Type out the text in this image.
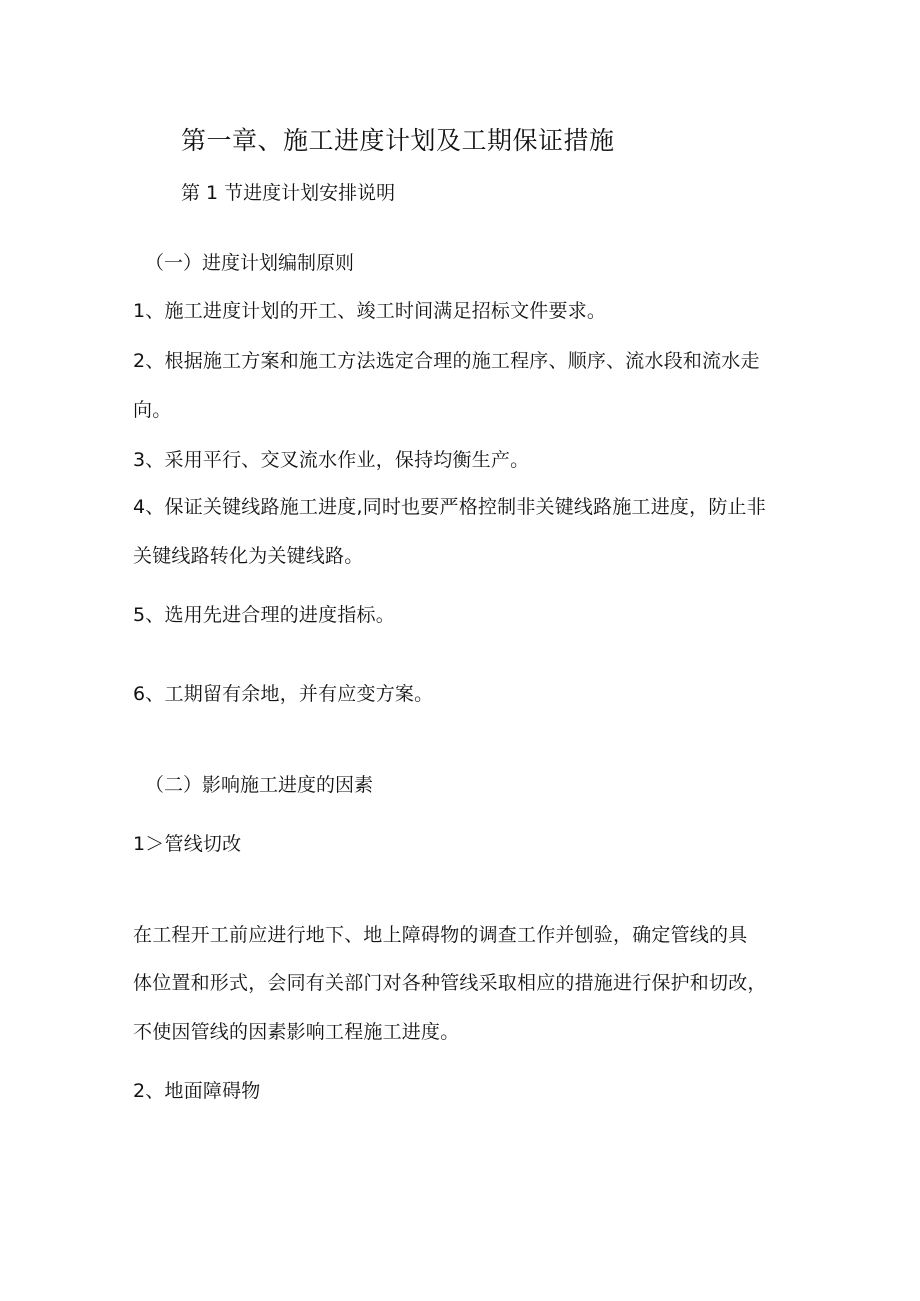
第一章、施工进度计划及工期保证措施
第 1 节进度计划安排说明
（一）进度计划编制原则
1、施工进度计划的开工、竣工时间满足招标文件要求。
2、根据施工方案和施工方法选定合理的施工程序、顺序、流水段和流水走
向。
3、采用平行、交叉流水作业，保持均衡生产。
4、保证关键线路施工进度,同时也要严格控制非关键线路施工进度，防止非
关键线路转化为关键线路。
5、选用先进合理的进度指标。
6、工期留有余地，并有应变方案。
（二）影响施工进度的因素
1＞管线切改
在工程开工前应进行地下、地上障碍物的调查工作并刨验，确定管线的具
体位置和形式，会同有关部门对各种管线采取相应的措施进行保护和切改，
不使因管线的因素影响工程施工进度。
2、地面障碍物
